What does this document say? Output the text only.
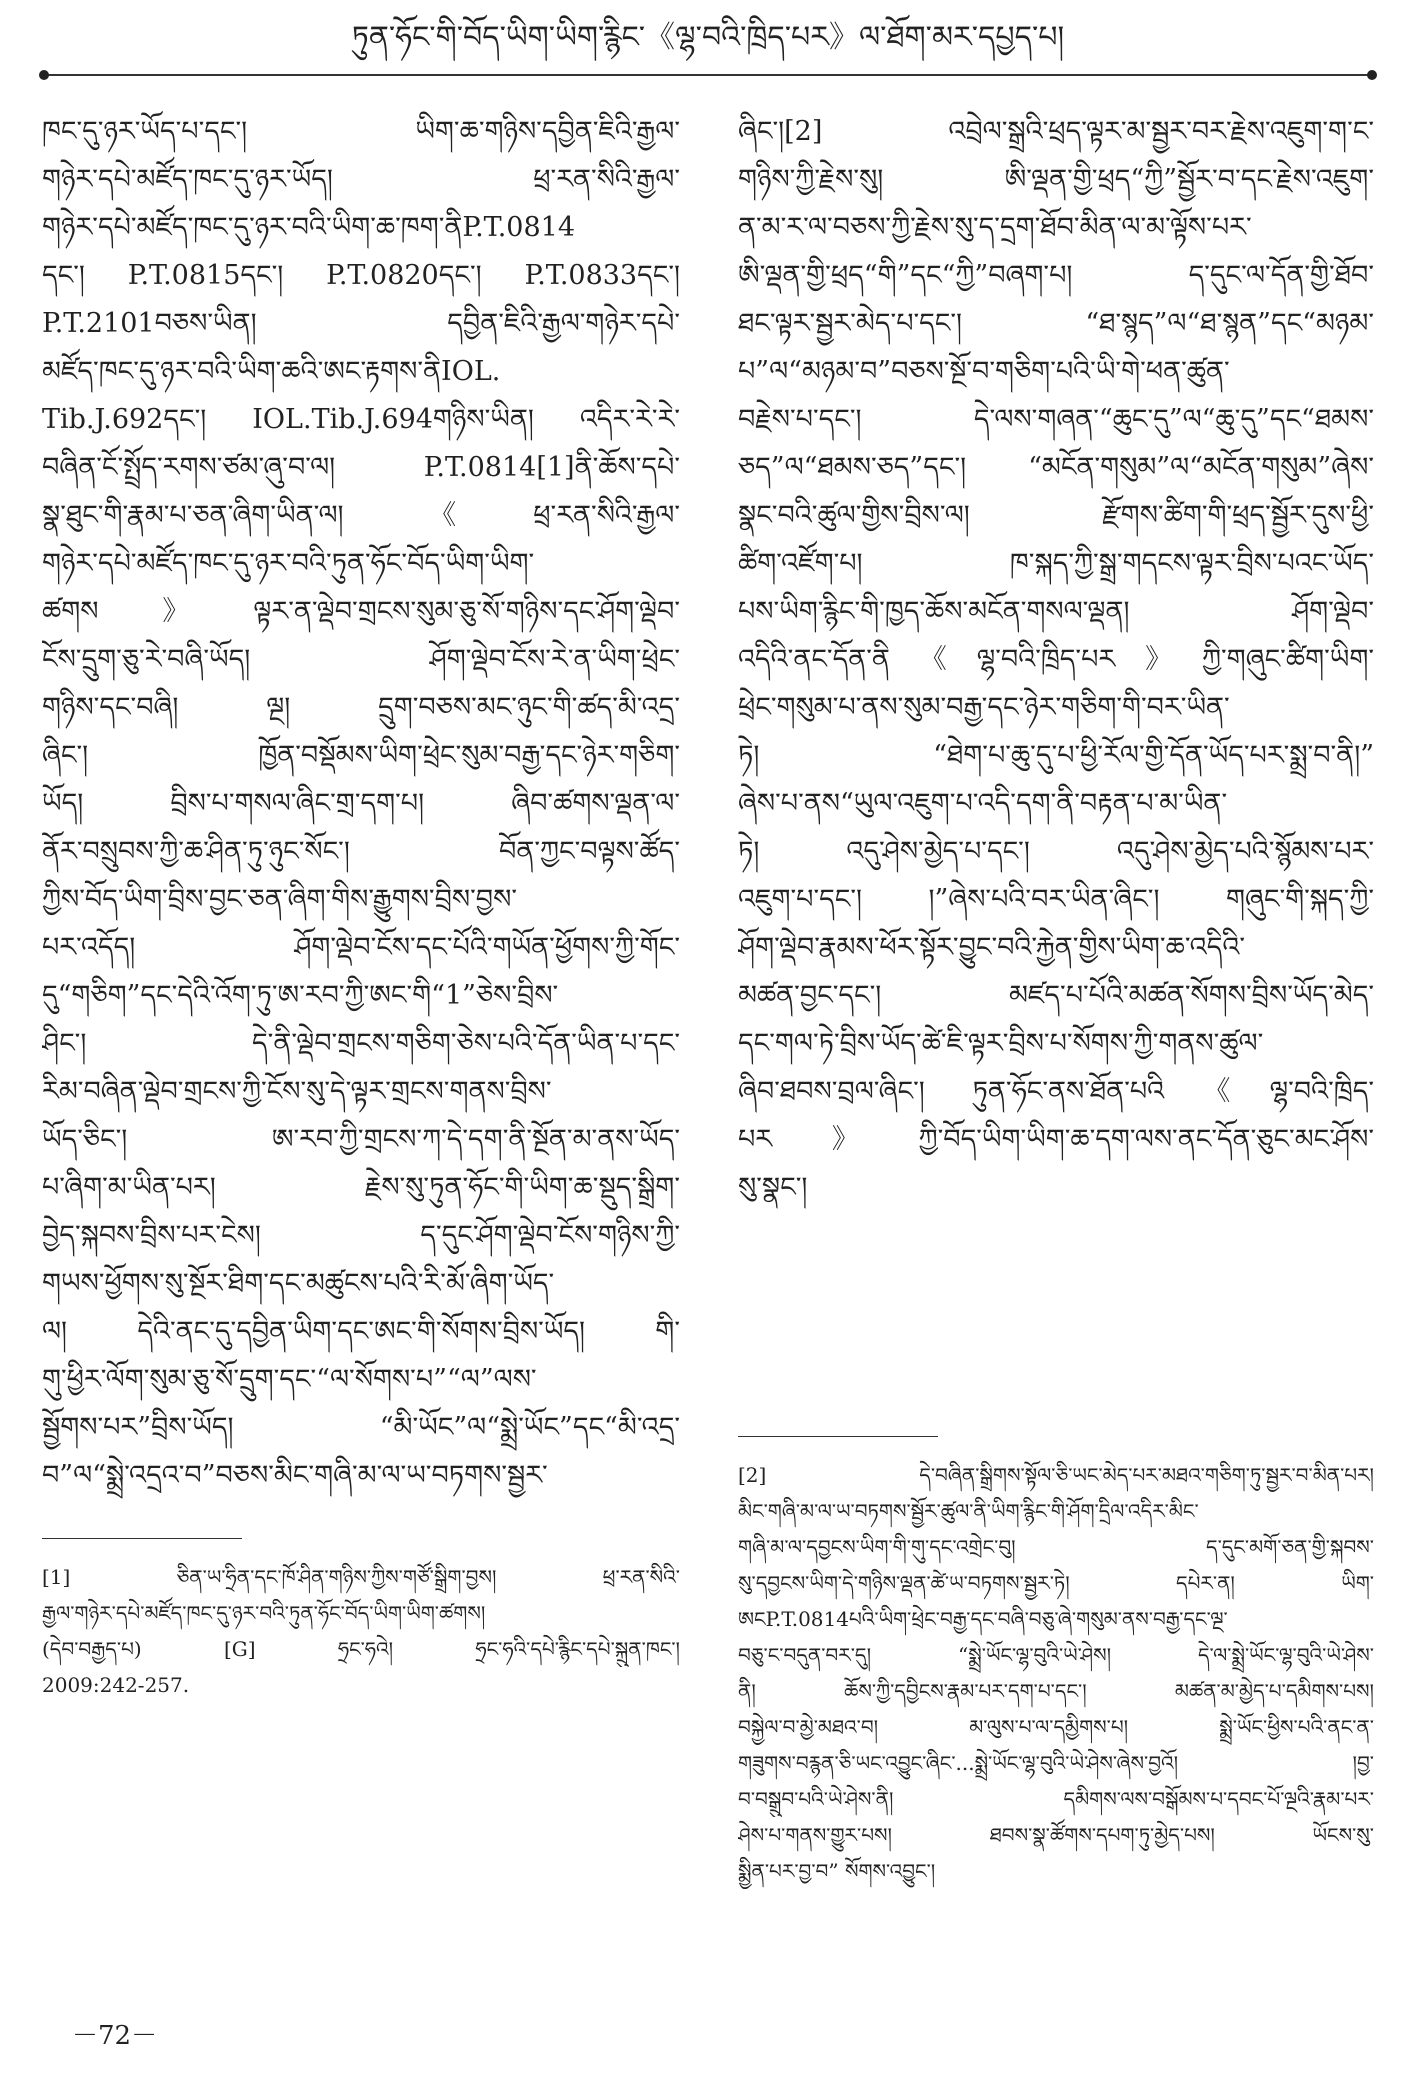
ཏུན་ཧོང་གི་བོད་ཡིག་ཡིག་རྙིང་《ལྷ་བའི་ཁྲིད་པར》ལ་ཐོག་མར་དཔྱད་པ།
ཁང་དུ་ཉར་ཡོད་པ་དང་། ཡིག་ཆ་གཉིས་དབྱིན་ཇིའི་རྒྱལ་
གཉེར་དཔེ་མཛོད་ཁང་དུ་ཉར་ཡོད། ཕྲ་རན་སིའི་རྒྱལ་
གཉེར་དཔེ་མཛོད་ཁང་དུ་ཉར་བའི་ཡིག་ཆ་ཁག་ནིP.T.0814
དང་། P.T.0815དང་། P.T.0820དང་། P.T.0833དང་།
P.T.2101བཅས་ཡིན། དབྱིན་ཇིའི་རྒྱལ་གཉེར་དཔེ་
མཛོད་ཁང་དུ་ཉར་བའི་ཡིག་ཆའི་ཨང་རྟགས་ནིIOL.
Tib.J.692དང་། IOL.Tib.J.694གཉིས་ཡིན། འདིར་རེ་རེ་
བཞིན་ངོ་སྤྲོད་རགས་ཙམ་ཞུ་བ་ལ། P.T.0814[1]ནི་ཆོས་དཔེ་
སྣ་ཐུང་གི་རྣམ་པ་ཅན་ཞིག་ཡིན་ལ། 《ཕྲ་རན་སིའི་རྒྱལ་
གཉེར་དཔེ་མཛོད་ཁང་དུ་ཉར་བའི་ཏུན་ཧོང་བོད་ཡིག་ཡིག་
ཚགས》ལྟར་ན་ལྡེབ་གྲངས་སུམ་ཅུ་སོ་གཉིས་དང་ཤོག་ལྡེབ་
ངོས་དྲུག་ཅུ་རེ་བཞི་ཡོད། ཤོག་ལྡེབ་ངོས་རེ་ན་ཡིག་ཕྲེང་
གཉིས་དང་བཞི། ལྔ། དྲུག་བཅས་མང་ཉུང་གི་ཚད་མི་འདྲ་
ཞིང་། ཁྱོན་བསྡོམས་ཡིག་ཕྲེང་སུམ་བརྒྱ་དང་ཉེར་གཅིག་
ཡོད། བྲིས་པ་གསལ་ཞིང་གྲ་དག་པ། ཞིབ་ཚགས་ལྡན་ལ་
ནོར་བསྲུབས་ཀྱི་ཆ་ཤིན་ཏུ་ཉུང་སོང་། བོན་ཀྱང་བལྟས་ཚོད་
ཀྱིས་བོད་ཡིག་བྲིས་བྱང་ཅན་ཞིག་གིས་རྒྱུགས་བྲིས་བྱས་
པར་འདོད། ཤོག་ལྡེབ་ངོས་དང་པོའི་གཡོན་ཕྱོགས་ཀྱི་གོང་
དུ“གཅིག”དང་དེའི་འོག་ཏུ་ཨ་རབ་ཀྱི་ཨང་གི“1”ཅེས་བྲིས་
ཤིང་། དེ་ནི་ལྡེབ་གྲངས་གཅིག་ཅེས་པའི་དོན་ཡིན་པ་དང་
རིམ་བཞིན་ལྡེབ་གྲངས་ཀྱི་ངོས་སུ་དེ་ལྟར་གྲངས་གནས་བྲིས་
ཡོད་ཅིང་། ཨ་རབ་ཀྱི་གྲངས་ཀ་དེ་དག་ནི་སྔོན་མ་ནས་ཡོད་
པ་ཞིག་མ་ཡིན་པར། རྗེས་སུ་ཏུན་ཧོང་གི་ཡིག་ཆ་སྡུད་སྒྲིག་
བྱེད་སྐབས་བྲིས་པར་ངེས། ད་དུང་ཤོག་ལྡེབ་ངོས་གཉིས་ཀྱི་
གཡས་ཕྱོགས་སུ་སྔོར་ཐིག་དང་མཚུངས་པའི་རི་མོ་ཞིག་ཡོད་
ལ། དེའི་ནང་དུ་དབྱིན་ཡིག་དང་ཨང་གི་སོགས་བྲིས་ཡོད། གི་
གུ་ཕྱིར་ལོག་སུམ་ཅུ་སོ་དྲུག་དང་“ལ་སོགས་པ”“ལ”ལས་
སྦྱོགས་པར”བྲིས་ཡོད། “མི་ཡོང”ལ“སྨྲེ་ཡོང”དང“མི་འདྲ་
བ”ལ“སྨྲེ་འདྲའ་བ”བཅས་མིང་གཞི་མ་ལ་ཡ་བཏགས་སྦྱར་
ཞིང་།[2] འབྲེལ་སྒྲའི་ཕྲད་ལྟར་མ་སྦྱར་བར་རྗེས་འཇུག་ག་ང་
གཉིས་ཀྱི་རྗེས་སུ། ཨི་ལྡན་གྱི་ཕྲད“ཀྱི”སྦྱོར་བ་དང་རྗེས་འཇུག་
ན་མ་ར་ལ་བཅས་ཀྱི་རྗེས་སུ་ད་དྲག་ཐོབ་མིན་ལ་མ་ལྟོས་པར་
ཨི་ལྡན་གྱི་ཕྲད“གི”དང“ཀྱི”བཞག་པ། ད་དུང་ལ་དོན་གྱི་ཐོབ་
ཐང་ལྟར་སྦྱར་མེད་པ་དང་། “ཐ་སྙད”ལ“ཐ་སྙན”དང“མཉམ་
པ”ལ“མཉམ་བ”བཅས་སྔོ་བ་གཅིག་པའི་ཡི་གེ་ཕན་ཚུན་
བརྗེས་པ་དང་། དེ་ལས་གཞན་“ཆུང་དུ”ལ“ཆུ་དུ”དང“ཐམས་
ཅད”ལ“ཐམས་ཅད”དང་། “མངོན་གསུམ”ལ“མངོན་གསུམ”ཞེས་
སྣང་བའི་ཚུལ་གྱིས་བྲིས་ལ། རྫོགས་ཚིག་གི་ཕྲད་སྦྱོར་དུས་ཕྱི་
ཚིག་འཛོག་པ། ཁ་སྐད་ཀྱི་སྒྲ་གདངས་ལྟར་བྲིས་པའང་ཡོད་
པས་ཡིག་རྙིང་གི་ཁྱད་ཆོས་མངོན་གསལ་ལྡན། ཤོག་ལྡེབ་
འདིའི་ནང་དོན་ནི《ལྷ་བའི་ཁྲིད་པར》ཀྱི་གཞུང་ཚིག་ཡིག་
ཕྲེང་གསུམ་པ་ནས་སུམ་བརྒྱ་དང་ཉེར་གཅིག་གི་བར་ཡིན་
ཏེ། “ཐེག་པ་ཆུ་དུ་པ་ཕྱི་རོལ་གྱི་དོན་ཡོད་པར་སྨྲ་བ་ནི།”
ཞེས་པ་ནས“ཡུལ་འཇུག་པ་འདི་དག་ནི་བརྟན་པ་མ་ཡིན་
ཏེ། འདུ་ཤེས་མྱེད་པ་དང་། འདུ་ཤེས་མྱེད་པའི་སྙོམས་པར་
འཇུག་པ་དང་། །”ཞེས་པའི་བར་ཡིན་ཞིང་། གཞུང་གི་སྐད་ཀྱི་
ཤོག་ལྡེབ་རྣམས་ཕོར་སྟོར་བྱུང་བའི་རྐྱེན་གྱིས་ཡིག་ཆ་འདིའི་
མཚན་བྱང་དང་། མཛད་པ་པོའི་མཚན་སོགས་བྲིས་ཡོད་མེད་
དང་གལ་ཏེ་བྲིས་ཡོད་ཚེ་ཇི་ལྟར་བྲིས་པ་སོགས་ཀྱི་གནས་ཚུལ་
ཞིབ་ཐབས་བྲལ་ཞིང་། ཏུན་ཧོང་ནས་ཐོན་པའི《ལྷ་བའི་ཁྲིད་
པར》ཀྱི་བོད་ཡིག་ཡིག་ཆ་དག་ལས་ནང་དོན་ཅུང་མང་ཤོས་
སུ་སྣང་།
[1] ཅིན་ཡ་ཧྲིན་དང་ཁོ་ཤིན་གཉིས་ཀྱིས་གཙོ་སྒྲིག་བྱས། ཕྲ་རན་སིའི་
རྒྱལ་གཉེར་དཔེ་མཛོད་ཁང་དུ་ཉར་བའི་ཏུན་ཧོང་བོད་ཡིག་ཡིག་ཚགས།
(དེབ་བརྒྱད་པ) [G] ཧྲང་ཧའེ། ཧྲང་ཧའི་དཔེ་རྙིང་དཔེ་སྐྲུན་ཁང་།
2009:242-257.
[2] དེ་བཞིན་སྒྲིགས་སྟོལ་ཅི་ཡང་མེད་པར་མཐའ་གཅིག་ཏུ་སྦྱར་བ་མིན་པར།
མིང་གཞི་མ་ལ་ཡ་བཏགས་སྦྱོར་ཚུལ་ནི་ཡིག་རྙིང་གི་ཤོག་དྲིལ་འདིར་མིང་
གཞི་མ་ལ་དབྱངས་ཡིག་གི་གུ་དང་འགྲེང་བུ། ད་དུང་མགོ་ཅན་གྱི་སྐབས་
སུ་དབྱངས་ཡིག་དེ་གཉིས་ལྡན་ཚེ་ཡ་བཏགས་སྦྱར་ཏེ། དཔེར་ན། ཡིག་
ཨངP.T.0814པའི་ཡིག་ཕྲེང་བརྒྱ་དང་བཞི་བཅུ་ཞེ་གསུམ་ནས་བརྒྱ་དང་ལྔ་
བཅུ་ང་བདུན་བར་དུ། “སྨྲེ་ཡོང་ལྷ་བུའི་ཡེ་ཤེས། དེ་ལ་སྨྲེ་ཡོང་ལྷ་བུའི་ཡེ་ཤེས་
ནི། ཆོས་ཀྱི་དབྱིངས་རྣམ་པར་དག་པ་དང་། མཚན་མ་མྱེད་པ་དམིགས་པས།
བསྐྱེལ་བ་མྱེ་མཐའ་བ། མ་ལུས་པ་ལ་དམྱིགས་པ། སྨྲེ་ཡོང་ཕྱིས་པའི་ནང་ན་
གཟུགས་བརྙན་ཅི་ཡང་འབྱུང་ཞིང་...སྨྲེ་ཡོང་ལྷ་བུའི་ཡེ་ཤེས་ཞེས་བྱའོ། །བྱ་
བ་བསྒྲུབ་པའི་ཡེ་ཤེས་ནི། དམིགས་ལས་བསྒོམས་པ་དབང་པོ་ལྔའི་རྣམ་པར་
ཤེས་པ་གནས་གྱུར་པས། ཐབས་སྣ་ཚོགས་དཔག་ཏུ་མྱེད་པས། ཡོངས་སུ་
སྨྱིན་པར་བྱ་བ” སོགས་འབྱུང་།
－72－
